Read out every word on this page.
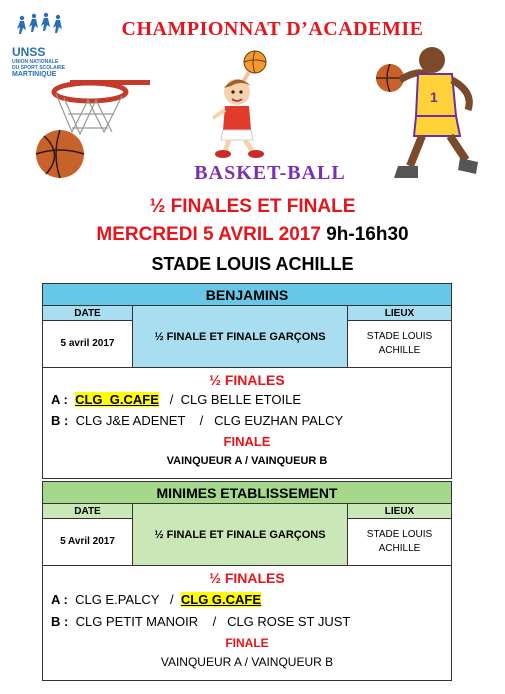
CHAMPIONNAT D’ACADEMIE
UNSS
UNION NATIONALE
DU SPORT SCOLAIRE
MARTINIQUE
1
BASKET-BALL
½ FINALES ET FINALE
MERCREDI 5 AVRIL 2017 9h-16h30
STADE LOUIS ACHILLE
BENJAMINS
DATE
5 avril 2017
½ FINALE ET FINALE GARÇONS
LIEUX
STADE LOUIS
ACHILLE
½ FINALES
A : CLG  G.CAFE / CLG BELLE ETOILE
B : CLG J&E ADENET / CLG EUZHAN PALCY
FINALE
VAINQUEUR A / VAINQUEUR B
MINIMES ETABLISSEMENT
DATE
5 Avril 2017
½ FINALE ET FINALE GARÇONS
LIEUX
STADE LOUIS
ACHILLE
½ FINALES
A : CLG E.PALCY / CLG G.CAFE
B : CLG PETIT MANOIR / CLG ROSE ST JUST
FINALE
VAINQUEUR A / VAINQUEUR B
